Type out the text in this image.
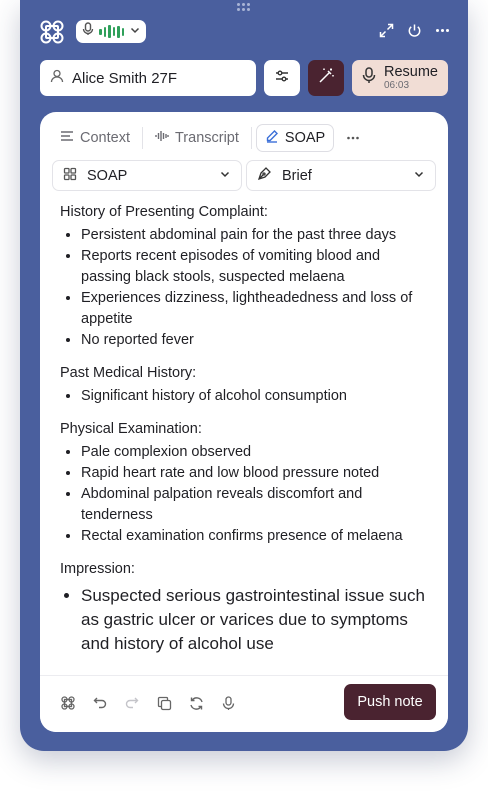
Alice Smith 27F	Resume
06:03
Context	Transcript	SOAP
SOAP	Brief
History of Presenting Complaint:
• Persistent abdominal pain for the past three days
• Reports recent episodes of vomiting blood and passing black stools, suspected melaena
• Experiences dizziness, lightheadedness and loss of appetite
• No reported fever
Past Medical History:
• Significant history of alcohol consumption
Physical Examination:
• Pale complexion observed
• Rapid heart rate and low blood pressure noted
• Abdominal palpation reveals discomfort and tenderness
• Rectal examination confirms presence of melaena
Impression:
• Suspected serious gastrointestinal issue such as gastric ulcer or varices due to symptoms and history of alcohol use
Push note
